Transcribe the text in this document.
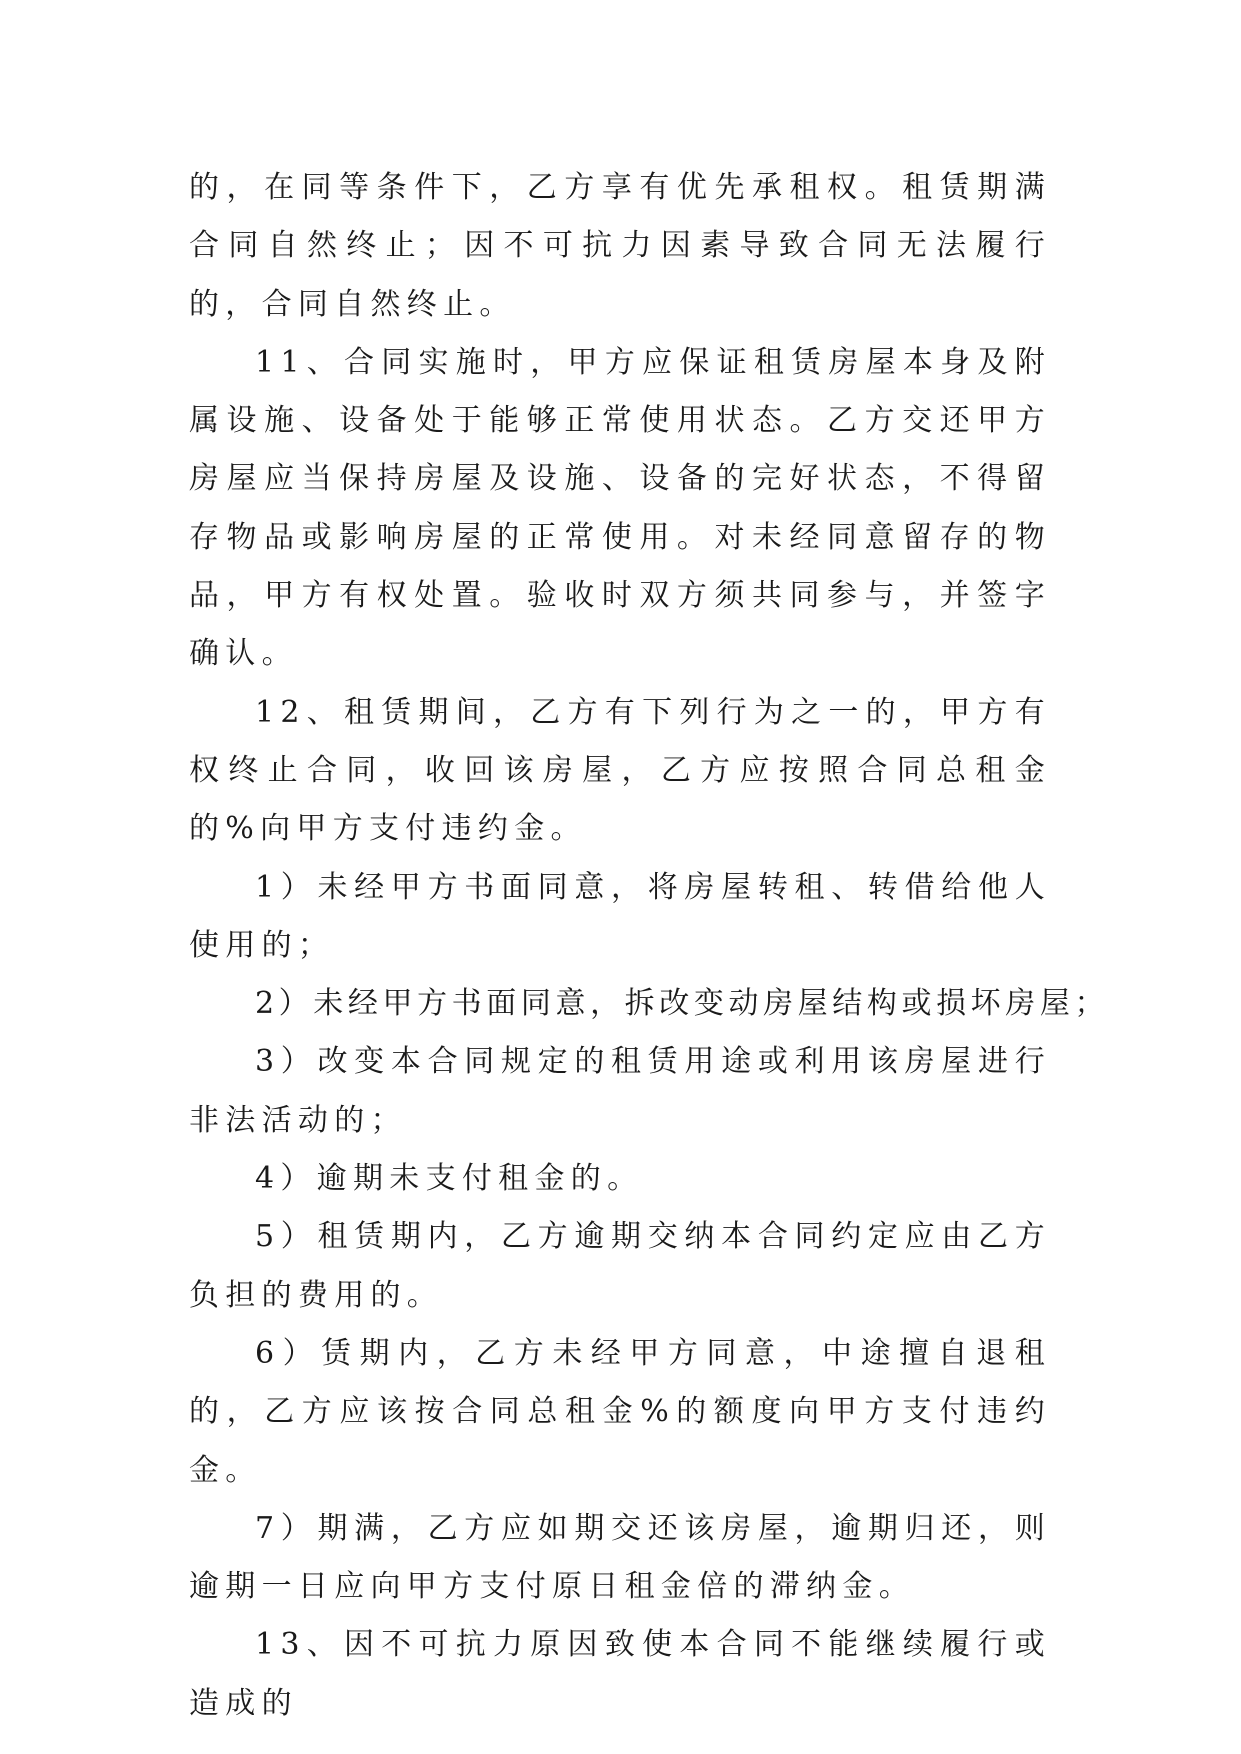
的，在同等条件下，乙方享有优先承租权。租赁期满合同自然终止；因不可抗力因素导致合同无法履行的，合同自然终止。

11、合同实施时，甲方应保证租赁房屋本身及附属设施、设备处于能够正常使用状态。乙方交还甲方房屋应当保持房屋及设施、设备的完好状态，不得留存物品或影响房屋的正常使用。对未经同意留存的物品，甲方有权处置。验收时双方须共同参与，并签字确认。

12、租赁期间，乙方有下列行为之一的，甲方有权终止合同，收回该房屋，乙方应按照合同总租金的%向甲方支付违约金。

1）未经甲方书面同意，将房屋转租、转借给他人使用的；

2）未经甲方书面同意，拆改变动房屋结构或损坏房屋；

3）改变本合同规定的租赁用途或利用该房屋进行非法活动的；

4）逾期未支付租金的。

5）租赁期内，乙方逾期交纳本合同约定应由乙方负担的费用的。

6）赁期内，乙方未经甲方同意，中途擅自退租的，乙方应该按合同总租金%的额度向甲方支付违约金。

7）期满，乙方应如期交还该房屋，逾期归还，则逾期一日应向甲方支付原日租金倍的滞纳金。

13、因不可抗力原因致使本合同不能继续履行或造成的
